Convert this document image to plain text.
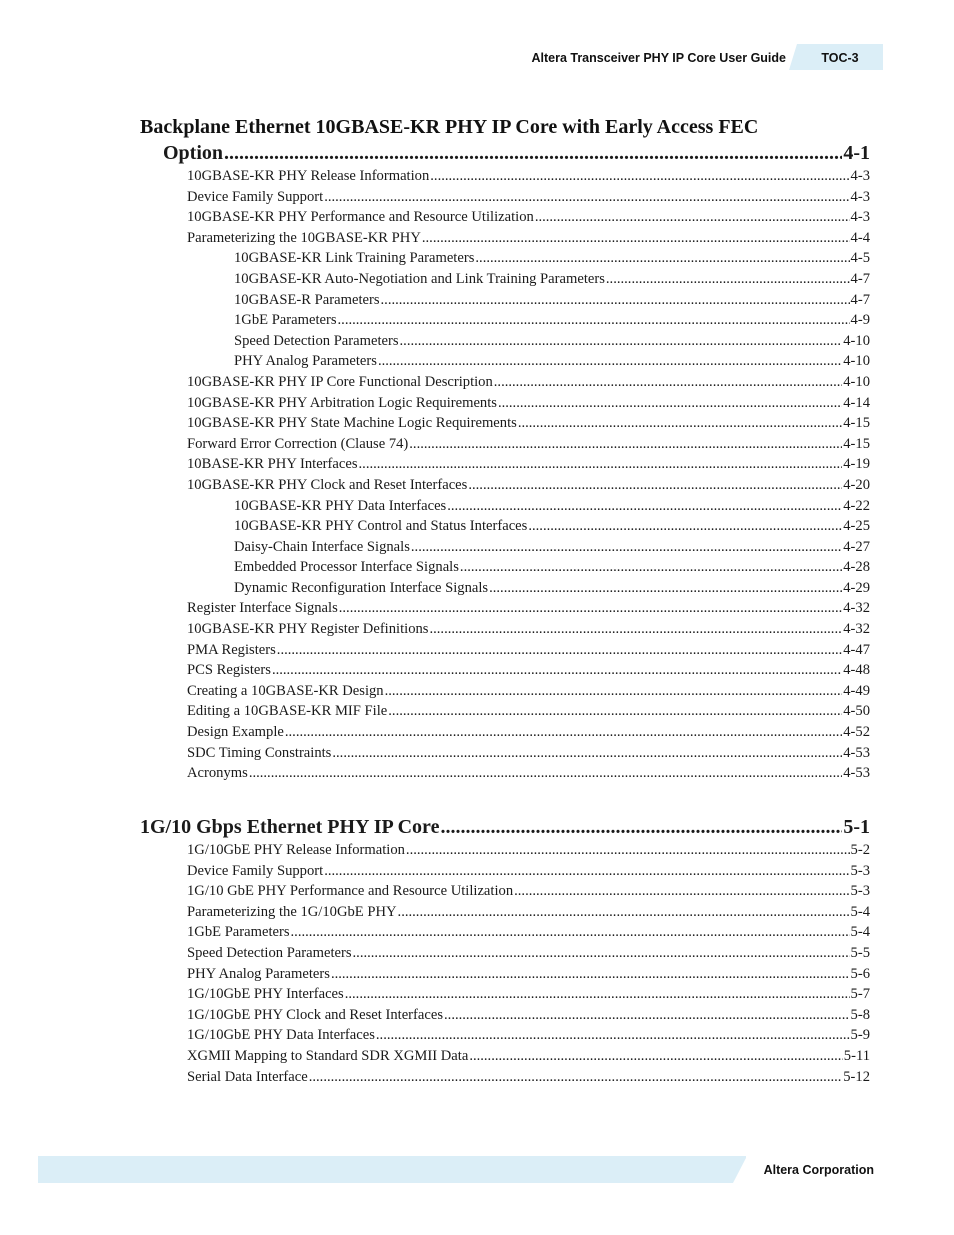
Altera Transceiver PHY IP Core User Guide	TOC-3
Backplane Ethernet 10GBASE-KR PHY IP Core with Early Access FEC
Option .....	4-1
10GBASE-KR PHY Release Information .....	4-3
Device Family Support .....	4-3
10GBASE-KR PHY Performance and Resource Utilization .....	4-3
Parameterizing the 10GBASE-KR PHY .....	4-4
10GBASE-KR Link Training Parameters .....	4-5
10GBASE-KR Auto-Negotiation and Link Training Parameters .....	4-7
10GBASE-R Parameters .....	4-7
1GbE Parameters .....	4-9
Speed Detection Parameters .....	4-10
PHY Analog Parameters .....	4-10
10GBASE-KR PHY IP Core Functional Description .....	4-10
10GBASE-KR PHY Arbitration Logic Requirements .....	4-14
10GBASE-KR PHY State Machine Logic Requirements .....	4-15
Forward Error Correction (Clause 74) .....	4-15
10BASE-KR PHY Interfaces .....	4-19
10GBASE-KR PHY Clock and Reset Interfaces .....	4-20
10GBASE-KR PHY Data Interfaces .....	4-22
10GBASE-KR PHY Control and Status Interfaces .....	4-25
Daisy-Chain Interface Signals .....	4-27
Embedded Processor Interface Signals .....	4-28
Dynamic Reconfiguration Interface Signals .....	4-29
Register Interface Signals .....	4-32
10GBASE-KR PHY Register Definitions .....	4-32
PMA Registers .....	4-47
PCS Registers .....	4-48
Creating a 10GBASE-KR Design .....	4-49
Editing a 10GBASE-KR MIF File .....	4-50
Design Example .....	4-52
SDC Timing Constraints .....	4-53
Acronyms .....	4-53
1G/10 Gbps Ethernet PHY IP Core .....	5-1
1G/10GbE PHY Release Information .....	5-2
Device Family Support .....	5-3
1G/10 GbE PHY Performance and Resource Utilization .....	5-3
Parameterizing the 1G/10GbE PHY .....	5-4
1GbE Parameters .....	5-4
Speed Detection Parameters .....	5-5
PHY Analog Parameters .....	5-6
1G/10GbE PHY Interfaces .....	5-7
1G/10GbE PHY Clock and Reset Interfaces .....	5-8
1G/10GbE PHY Data Interfaces .....	5-9
XGMII Mapping to Standard SDR XGMII Data .....	5-11
Serial Data Interface .....	5-12
Altera Corporation
